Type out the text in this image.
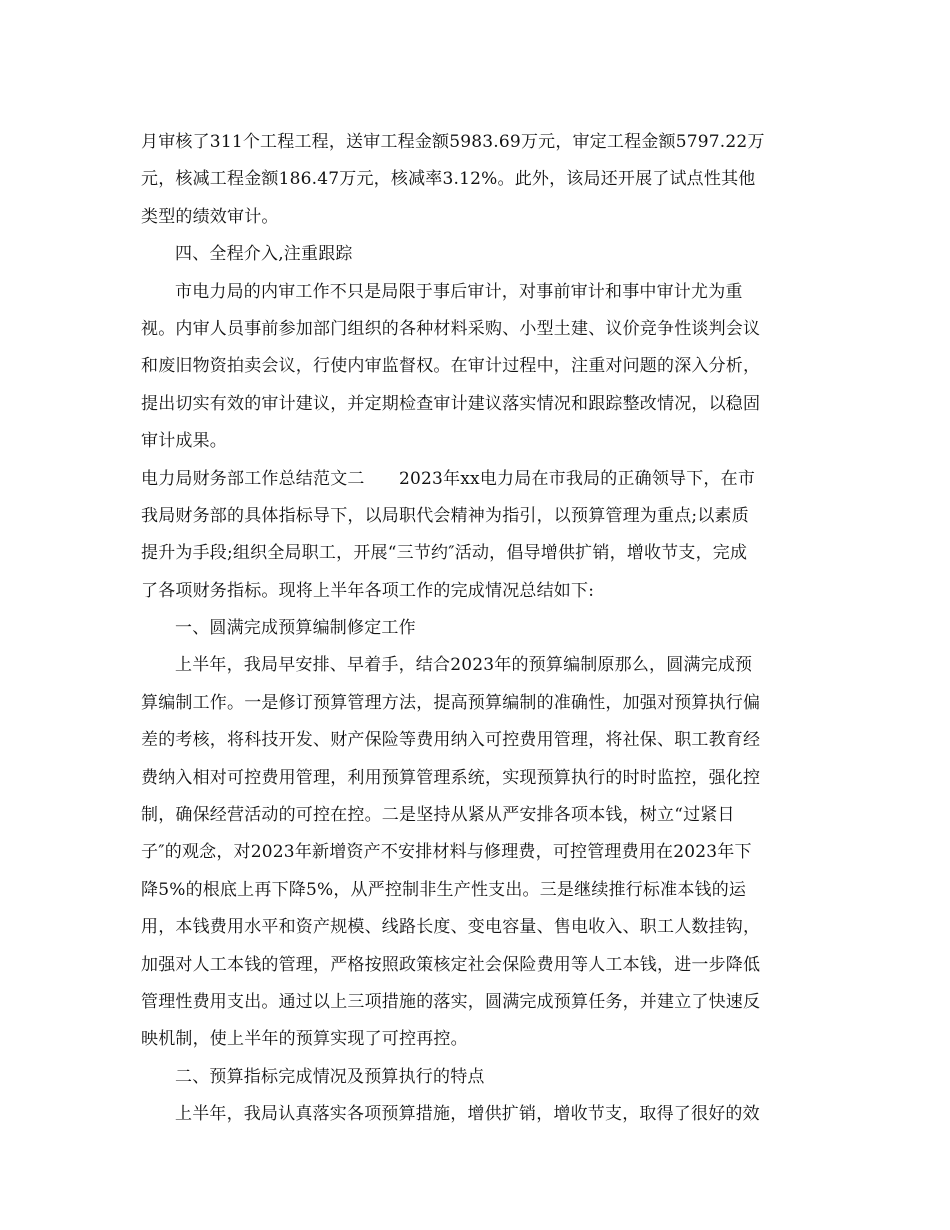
月审核了311个工程工程，送审工程金额5983.69万元，审定工程金额5797.22万
元，核减工程金额186.47万元，核减率3.12%。此外，该局还开展了试点性其他
类型的绩效审计。
四、全程介入,注重跟踪
市电力局的内审工作不只是局限于事后审计，对事前审计和事中审计尤为重
视。内审人员事前参加部门组织的各种材料采购、小型土建、议价竞争性谈判会议
和废旧物资拍卖会议，行使内审监督权。在审计过程中，注重对问题的深入分析，
提出切实有效的审计建议，并定期检查审计建议落实情况和跟踪整改情况，以稳固
审计成果。
电力局财务部工作总结范文二　　2023年xx电力局在市我局的正确领导下，在市
我局财务部的具体指标导下，以局职代会精神为指引，以预算管理为重点;以素质
提升为手段;组织全局职工，开展“三节约″活动，倡导增供扩销，增收节支，完成
了各项财务指标。现将上半年各项工作的完成情况总结如下:
一、圆满完成预算编制修定工作
上半年，我局早安排、早着手，结合2023年的预算编制原那么，圆满完成预
算编制工作。一是修订预算管理方法，提高预算编制的准确性，加强对预算执行偏
差的考核，将科技开发、财产保险等费用纳入可控费用管理，将社保、职工教育经
费纳入相对可控费用管理，利用预算管理系统，实现预算执行的时时监控，强化控
制，确保经营活动的可控在控。二是坚持从紧从严安排各项本钱，树立“过紧日
子″的观念，对2023年新增资产不安排材料与修理费，可控管理费用在2023年下
降5%的根底上再下降5%，从严控制非生产性支出。三是继续推行标准本钱的运
用，本钱费用水平和资产规模、线路长度、变电容量、售电收入、职工人数挂钩，
加强对人工本钱的管理，严格按照政策核定社会保险费用等人工本钱，进一步降低
管理性费用支出。通过以上三项措施的落实，圆满完成预算任务，并建立了快速反
映机制，使上半年的预算实现了可控再控。
二、预算指标完成情况及预算执行的特点
上半年，我局认真落实各项预算措施，增供扩销，增收节支，取得了很好的效
